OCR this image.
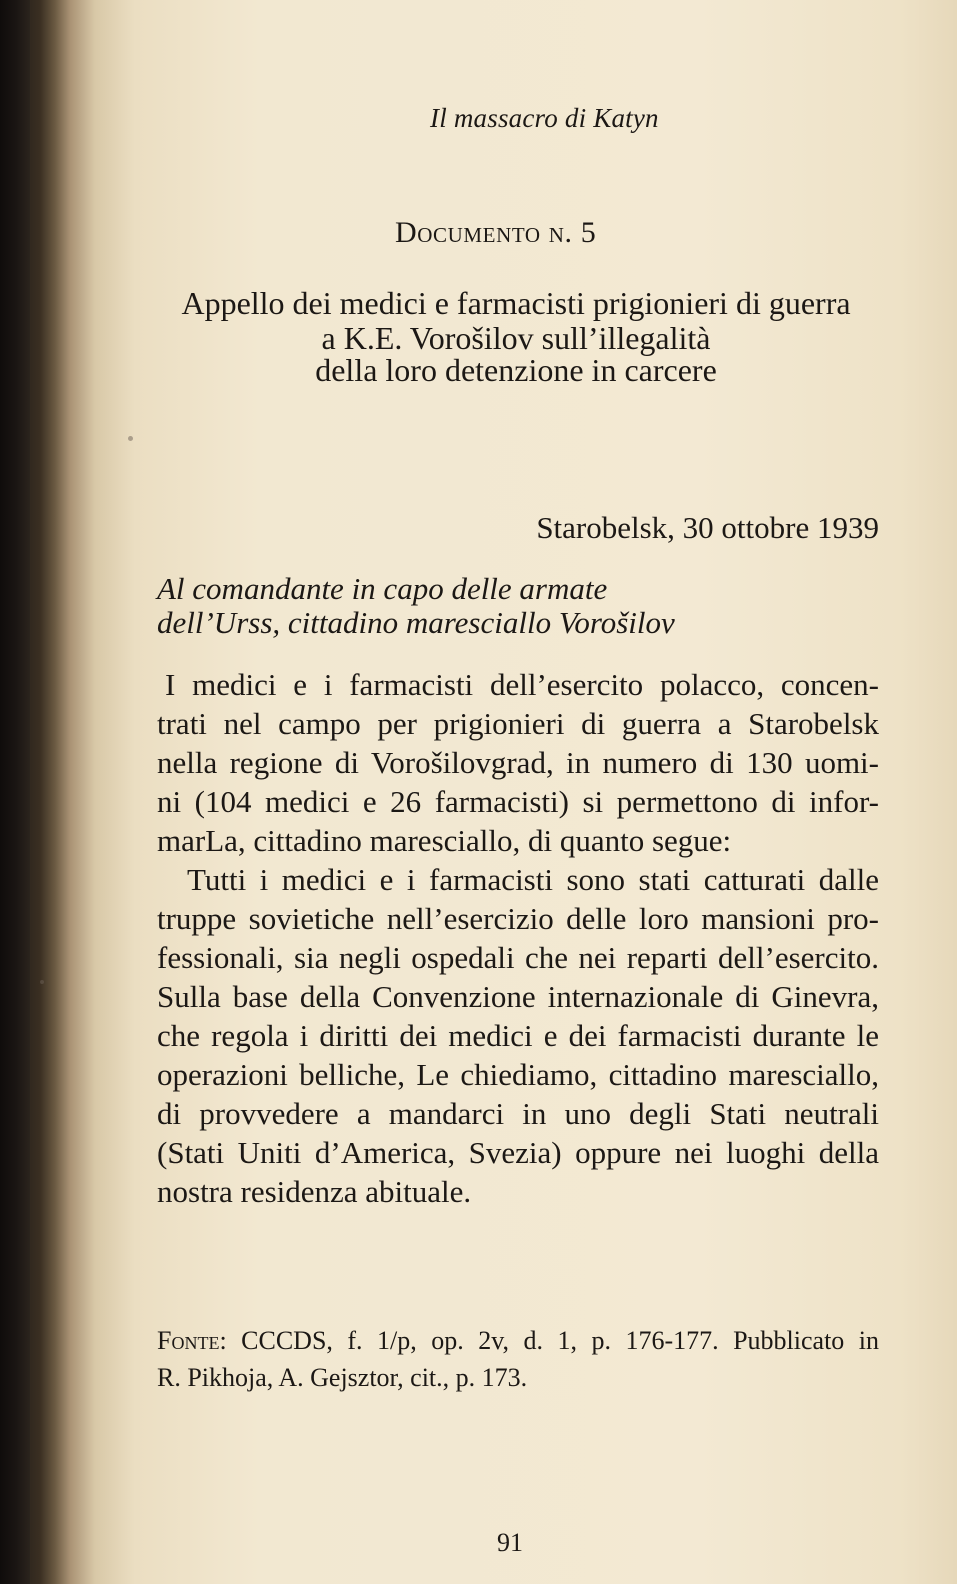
Il massacro di Katyn
Documento n. 5
Appello dei medici e farmacisti prigionieri di guerra
a K.E. Vorošilov sull’illegalità
della loro detenzione in carcere
Starobelsk, 30 ottobre 1939
Al comandante in capo delle armate
dell’Urss, cittadino maresciallo Vorošilov
I medici e i farmacisti dell’esercito polacco, concen-
trati nel campo per prigionieri di guerra a Starobelsk
nella regione di Vorošilovgrad, in numero di 130 uomi-
ni (104 medici e 26 farmacisti) si permettono di infor-
marLa, cittadino maresciallo, di quanto segue:
Tutti i medici e i farmacisti sono stati catturati dalle
truppe sovietiche nell’esercizio delle loro mansioni pro-
fessionali, sia negli ospedali che nei reparti dell’esercito.
Sulla base della Convenzione internazionale di Ginevra,
che regola i diritti dei medici e dei farmacisti durante le
operazioni belliche, Le chiediamo, cittadino maresciallo,
di provvedere a mandarci in uno degli Stati neutrali
(Stati Uniti d’America, Svezia) oppure nei luoghi della
nostra residenza abituale.
Fonte: CCCDS, f. 1/p, op. 2v, d. 1, p. 176-177. Pubblicato in
R. Pikhoja, A. Gejsztor, cit., p. 173.
91
